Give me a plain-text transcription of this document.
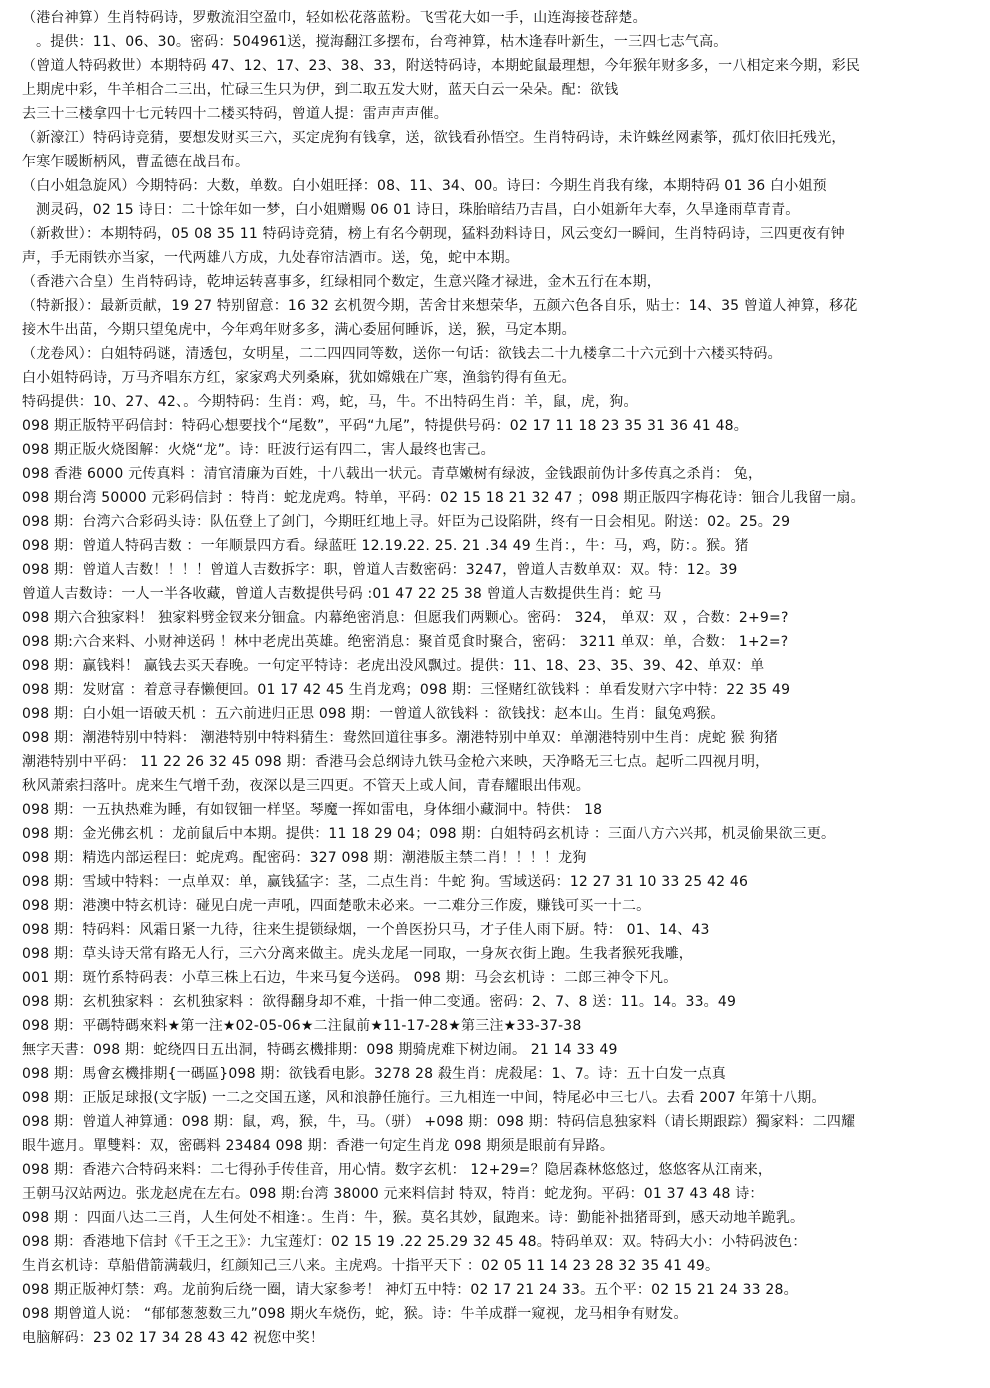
（港台神算）生肖特码诗，罗敷流泪空盈巾，轻如松花落蓝粉。飞雪花大如一手，山连海接苍辞楚。
。提供：11、06、30。密码：504961送，搅海翻江多摆布，台弯神算，枯木逢春叶新生，一三四七志气高。
（曾道人特码救世）本期特码 47、12、17、23、38、33，附送特码诗，本期蛇鼠最理想，今年猴年财多多，一八相定来今期，彩民
上期虎中彩，牛羊相合二三出，忙碌三生只为伊，到二取五发大财，蓝天白云一朵朵。配：欲钱
去三十三楼拿四十七元转四十二楼买特码，曾道人提：雷声声声催。
（新濠江）特码诗竞猜，要想发财买三六，买定虎狗有钱拿，送，欲钱看孙悟空。生肖特码诗，未许蛛丝网素筝，孤灯依旧托残光，
乍寒乍暖断柄风，曹孟德在战吕布。
（白小姐急旋风）今期特码：大数，单数。白小姐旺择：08、11、34、00。诗曰：今期生肖我有缘，本期特码 01 36 白小姐预
测灵码，02 15 诗日：二十馀年如一梦，白小姐赠赐 06 01 诗日，珠胎暗结乃吉昌，白小姐新年大奉，久旱逢雨草青青。
（新救世）：本期特码，05 08 35 11 特码诗竞猜，榜上有名今朝现，猛料劲料诗日，风云变幻一瞬间，生肖特码诗，三四更夜有钟
声，手无雨铁亦当家，一代两雄八方成，九处春帘洁酒市。送，兔，蛇中本期。
（香港六合皇）生肖特码诗，乾坤运转喜事多，红绿相同个数定，生意兴隆才禄进，金木五行在本期，
（特新报）：最新贡献，19 27 特别留意：16 32 玄机贺今期，苦舍甘来想荣华，五颜六色各自乐，贴士：14、35 曾道人神算，移花
接木牛出苗，今期只望兔虎中，今年鸡年财多多，满心委屈何睡诉，送，猴，马定本期。
（龙卷风）：白姐特码谜，清透包，女明星，二二四四同等数，送你一句话：欲钱去二十九楼拿二十六元到十六楼买特码。
白小姐特码诗，万马齐唱东方红，家家鸡犬列桑麻，犹如嫦娥在广寒，渔翁钓得有鱼无。
特码提供：10、27、42、。今期特码：生肖：鸡，蛇，马，牛。不出特码生肖：羊，鼠，虎，狗。
098 期正版特平码信封：特码心想要找个“尾数”，平码“九尾”，特提供号码：02 17 11 18 23 35 31 36 41 48。
098 期正版火烧图解：火烧“龙”。诗：旺波行运有四二，害人最终也害己。
098 香港 6000 元传真料 ：清官清廉为百姓，十八载出一状元。青草嫩树有绿波，金钱跟前伪计多传真之杀肖： 兔，
098 期台湾 50000 元彩码信封 ：特肖：蛇龙虎鸡。特单，平码：02 15 18 21 32 47 ；098 期正版四字梅花诗：钿合儿我留一扇。
098 期：台湾六合彩码头诗：队伍登上了剑门，今期旺红地上寻。奸臣为己设陷阱，终有一日会相见。附送：02。25。29
098 期：曾道人特码吉数 ：一年顺景四方看。绿蓝旺 12.19.22. 25. 21 .34 49 生肖：，牛：马，鸡，防：。猴。猪
098 期：曾道人吉数！！！！曾道人吉数拆字：职，曾道人吉数密码：3247，曾道人吉数单双：双。特：12。39
曾道人吉数诗：一人一半各收藏，曾道人吉数提供号码 :01 47 22 25 38 曾道人吉数提供生肖：蛇 马
098 期六合独家料！ 独家料劈金钗来分钿盒。内幕绝密消息：但愿我们两颗心。密码： 324， 单双：双 ，合数：2+9=?
098 期:六合来料、小财神送码 ！林中老虎出英雄。绝密消息：聚首觅食时聚合，密码： 3211 单双：单，合数： 1+2=?
098 期：赢钱料！ 赢钱去买天春晚。一句定平特诗：老虎出没风飘过。提供：11、18、23、35、39、42、单双：单
098 期：发财富 ：着意寻春懒便回。01 17 42 45 生肖龙鸡；098 期：三怪赌红欲钱料 ：单看发财六字中特：22 35 49
098 期：白小姐一语破天机 ：五六前进归正思 098 期：一曾道人欲钱料 ：欲钱找：赵本山。生肖：鼠兔鸡猴。
098 期：潮港特别中特料： 潮港特别中特料猜生：鸯然回道往事多。潮港特别中单双：单潮港特别中生肖：虎蛇 猴 狗猪
潮港特别中平码： 11 22 26 32 45 098 期：香港马会总纲诗九铁马金枪六来映，天净略无三七点。起听二四视月明，
秋风萧索扫落叶。虎来生气增千劲，夜深以是三四更。不管天上或人间，青春耀眼出伟观。
098 期：一五执热难为睡，有如钗钿一样坚。琴魔一挥如雷电，身体细小藏洞中。特供： 18
098 期：金光佛玄机 ：龙前鼠后中本期。提供：11 18 29 04；098 期：白姐特码玄机诗 ：三面八方六兴邦，机灵偷果欲三更。
098 期：精选内部运程曰：蛇虎鸡。配密码：327 098 期：潮港版主禁二肖！！！！龙狗
098 期：雪域中特料：一点单双：单，赢钱猛字：茎，二点生肖：牛蛇 狗。雪域送码：12 27 31 10 33 25 42 46
098 期：港澳中特玄机诗：碰见白虎一声吼，四面楚歌未必来。一二难分三作废，赚钱可买一十二。
098 期：特码料：风霜日紧一九待，往来生提锁绿烟，一个兽医扮只马，才子佳人雨下厨。特： 01、14、43
098 期：草头诗天常有路无人行，三六分离来做主。虎头龙尾一同取，一身灰衣街上跑。生我者猴死我雕，
001 期：斑竹系特码表：小草三株上石边，牛来马复今送码。 098 期：马会玄机诗 ：二郎三神令下凡。
098 期：玄机独家料 ：玄机独家料 ：欲得翻身却不难，十指一伸二变通。密码：2、7、8 送：11。14。33。49
098 期：平碼特碼來料★第一注★02-05-06★二注鼠前★11-17-28★第三注★33-37-38
無字天書：098 期：蛇绕四日五出洞，特碼玄機排期：098 期骑虎难下树边闹。 21 14 33 49
098 期：馬會玄機排期{一碼區}098 期：欲钱看电影。3278 28 殺生肖：虎殺尾：1、7。诗：五十白发一点真
098 期：正版足球报(文字版) 一二之交国五遂，风和浪静任施行。三九相连一中间，特尾必中三七八。去看 2007 年第十八期。
098 期：曾道人神算通：098 期：鼠，鸡，猴，牛，马。（骈） +098 期：098 期：特码信息独家料（请长期跟踪）獨家料：二四耀
眼牛遮月。單雙料：双，密碼料 23484 098 期：香港一句定生肖龙 098 期须是眼前有异路。
098 期：香港六合特码来料：二七得孙手传佳音，用心情。数字玄机： 12+29=？隐居森林悠悠过，悠悠客从江南来，
王朝马汉站两边。张龙赵虎在左右。098 期:台湾 38000 元来料信封 特双，特肖：蛇龙狗。平码：01 37 43 48 诗：
098 期 ：四面八达二三肖，人生何处不相逢：。生肖：牛，猴。莫名其妙，鼠跑来。诗：勤能补拙猪哥到，感天动地羊跪乳。
098 期：香港地下信封《千王之王》：九宝莲灯：02 15 19 .22 25.29 32 45 48。特码单双：双。特码大小：小特码波色：
生肖玄机诗：草船借箭满载归，红颜知己三八来。主虎鸡。十指平天下 ：02 05 11 14 23 28 32 35 41 49。
098 期正版神灯禁：鸡。龙前狗后绕一圈，请大家参考！ 神灯五中特：02 17 21 24 33。五个平：02 15 21 24 33 28。
098 期曾道人说： “郁郁葱葱数三九”098 期火车烧伤，蛇，猴。诗：牛羊成群一窥视，龙马相争有财发。
电脑解码：23 02 17 34 28 43 42 祝您中奖！
